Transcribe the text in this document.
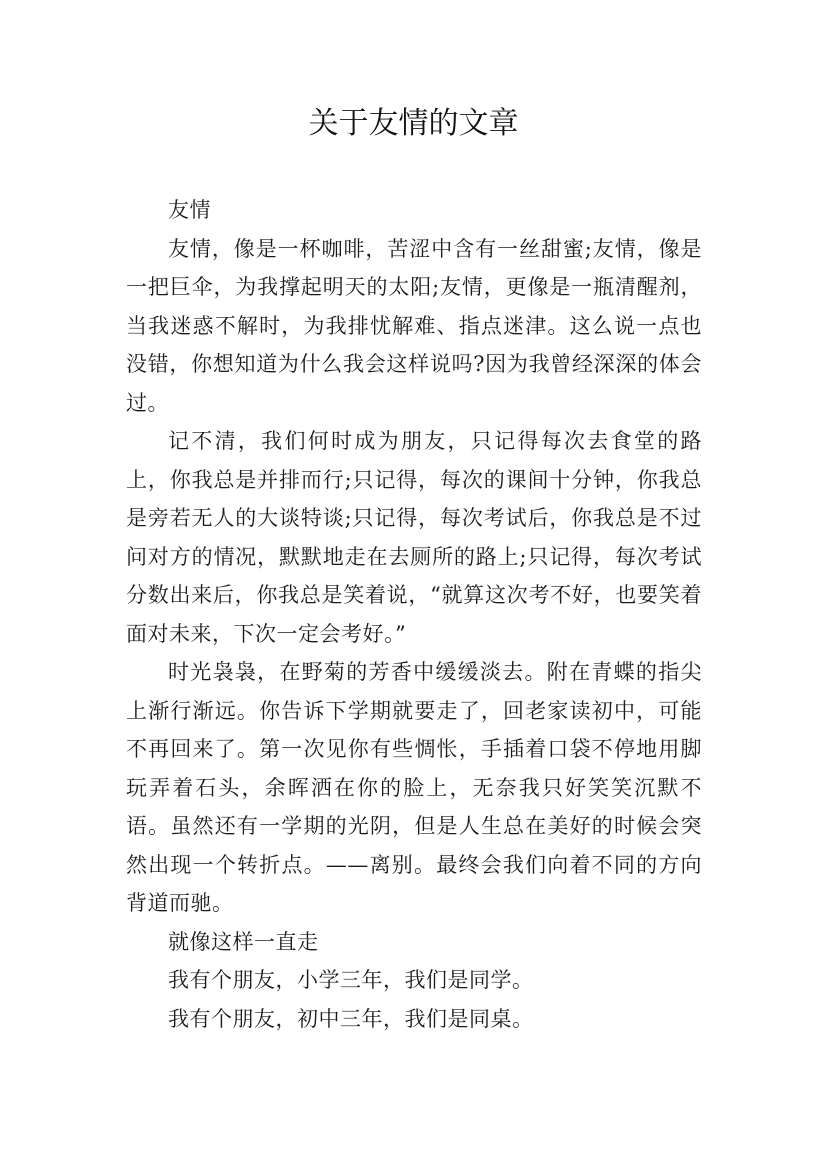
关于友情的文章

友情

友情，像是一杯咖啡，苦涩中含有一丝甜蜜;友情，像是一把巨伞，为我撑起明天的太阳;友情，更像是一瓶清醒剂，当我迷惑不解时，为我排忧解难、指点迷津。这么说一点也没错，你想知道为什么我会这样说吗?因为我曾经深深的体会过。

记不清，我们何时成为朋友，只记得每次去食堂的路上，你我总是并排而行;只记得，每次的课间十分钟，你我总是旁若无人的大谈特谈;只记得，每次考试后，你我总是不过问对方的情况，默默地走在去厕所的路上;只记得，每次考试分数出来后，你我总是笑着说，“就算这次考不好，也要笑着面对未来，下次一定会考好。”

时光袅袅，在野菊的芳香中缓缓淡去。附在青蝶的指尖上渐行渐远。你告诉下学期就要走了，回老家读初中，可能不再回来了。第一次见你有些惆怅，手插着口袋不停地用脚玩弄着石头，余晖洒在你的脸上，无奈我只好笑笑沉默不语。虽然还有一学期的光阴，但是人生总在美好的时候会突然出现一个转折点。——离别。最终会我们向着不同的方向背道而驰。

就像这样一直走

我有个朋友，小学三年，我们是同学。

我有个朋友，初中三年，我们是同桌。
